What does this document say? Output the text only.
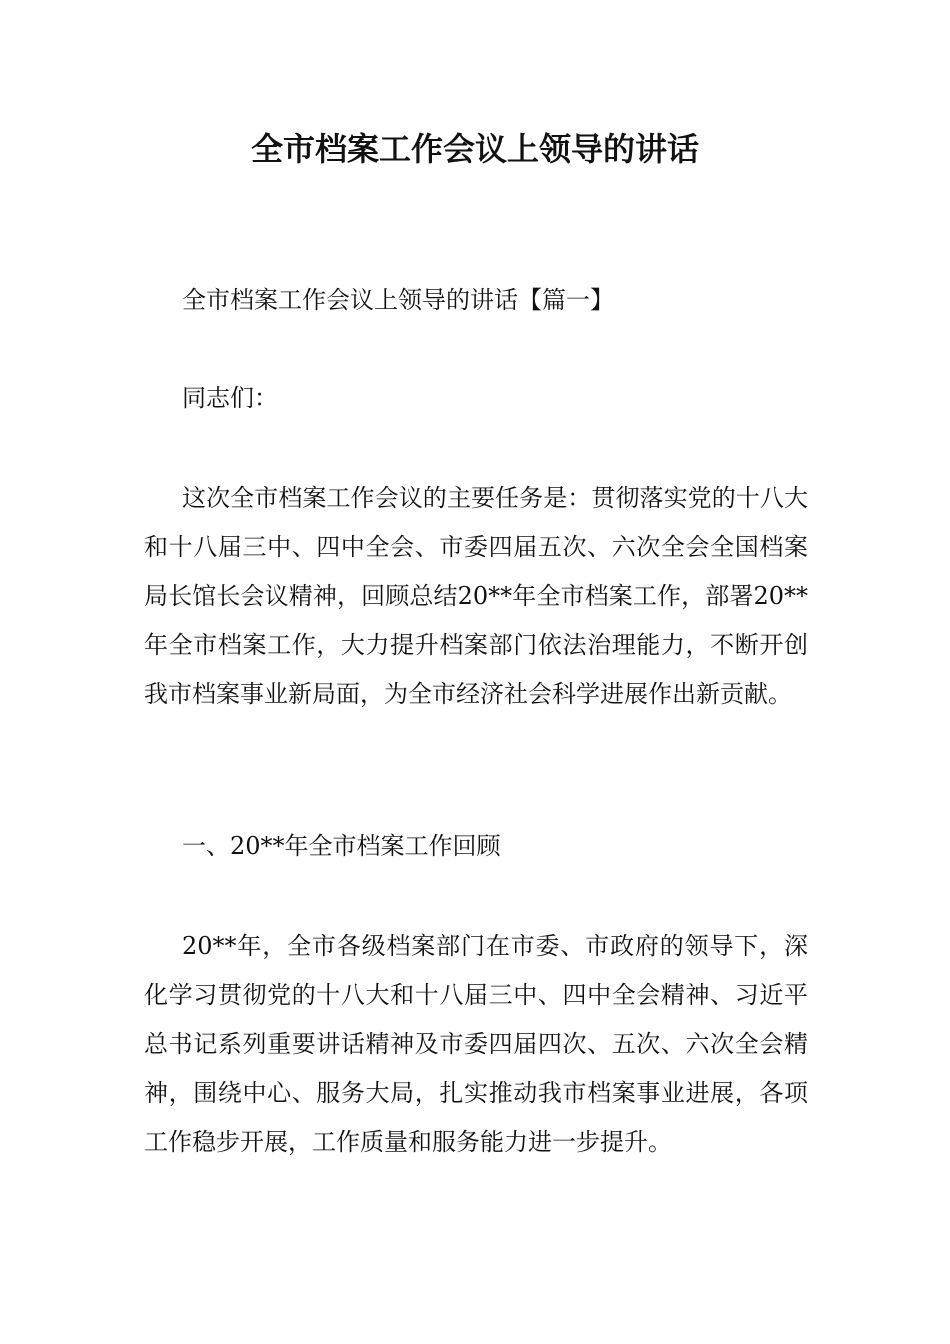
全市档案工作会议上领导的讲话

全市档案工作会议上领导的讲话【篇一】

同志们：

这次全市档案工作会议的主要任务是：贯彻落实党的十八大和十八届三中、四中全会、市委四届五次、六次全会全国档案局长馆长会议精神，回顾总结20**年全市档案工作，部署20**年全市档案工作，大力提升档案部门依法治理能力，不断开创我市档案事业新局面，为全市经济社会科学进展作出新贡献。

一、20**年全市档案工作回顾

20**年，全市各级档案部门在市委、市政府的领导下，深化学习贯彻党的十八大和十八届三中、四中全会精神、习近平总书记系列重要讲话精神及市委四届四次、五次、六次全会精神，围绕中心、服务大局，扎实推动我市档案事业进展，各项工作稳步开展，工作质量和服务能力进一步提升。
